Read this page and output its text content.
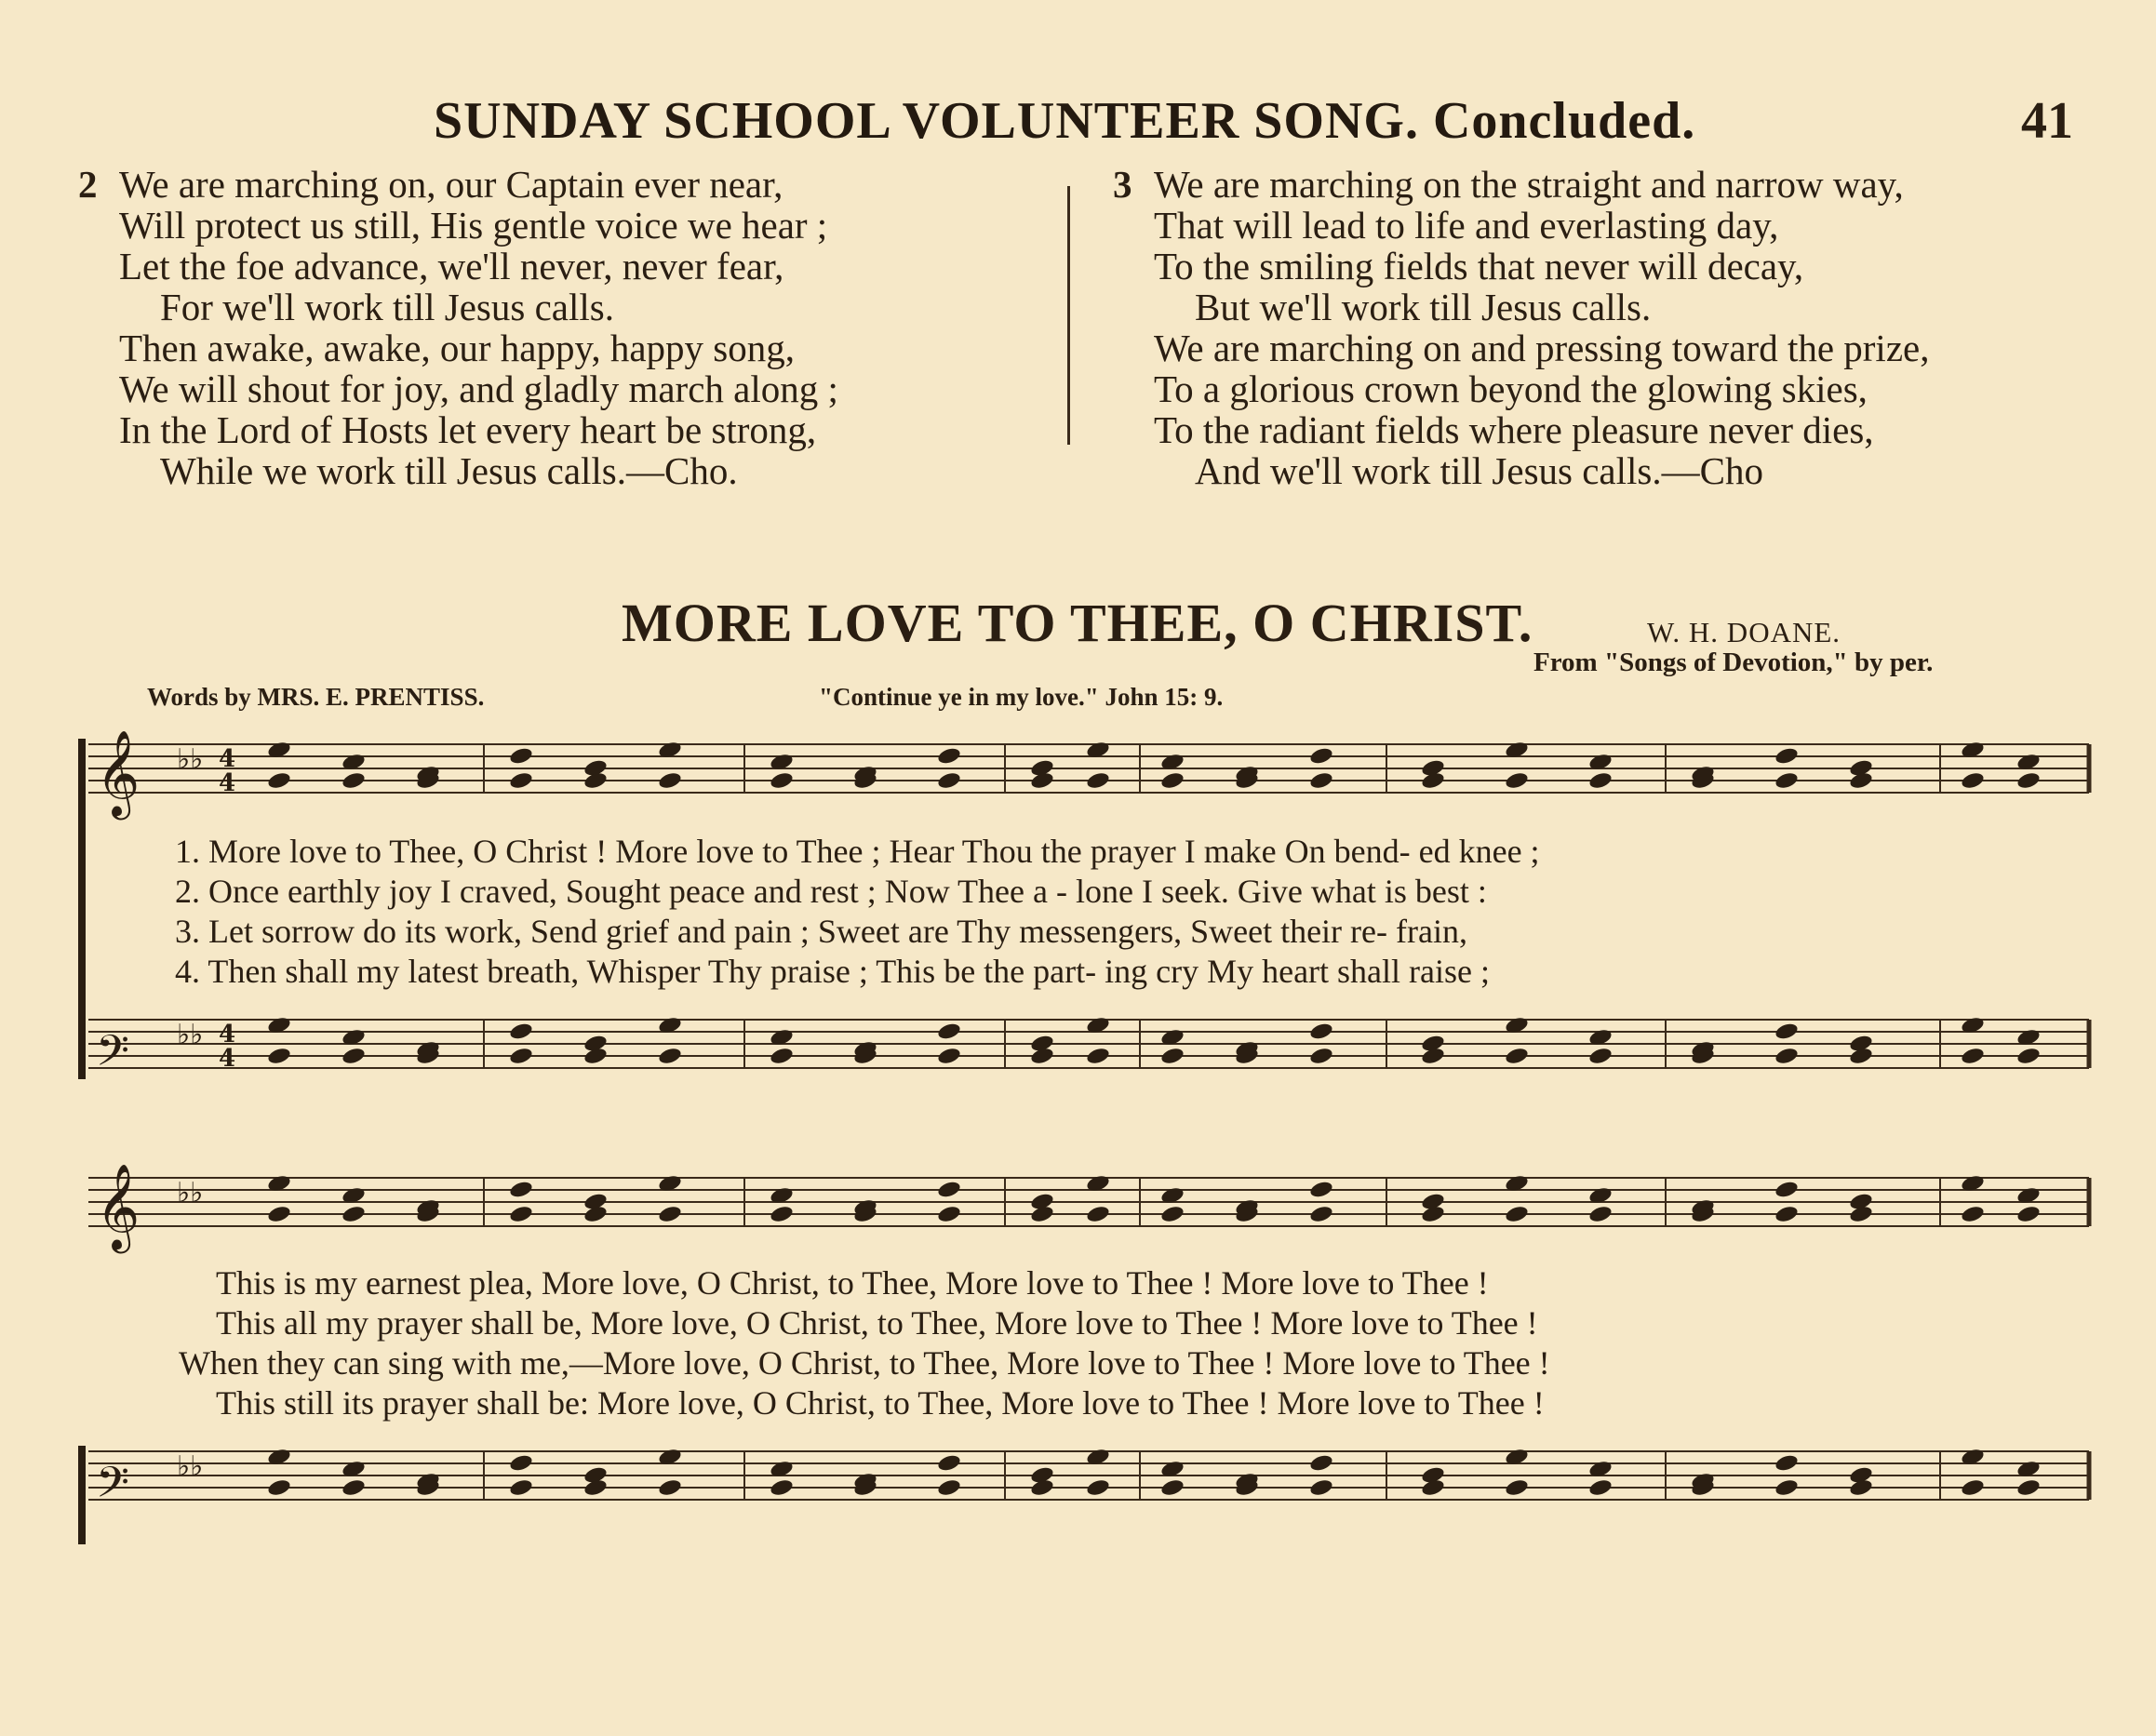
SUNDAY SCHOOL VOLUNTEER SONG. Concluded.	41
2 We are marching on, our Captain ever near,
Will protect us still, His gentle voice we hear ;
Let the foe advance, we'll never, never fear,
For we'll work till Jesus calls.
Then awake, awake, our happy, happy song,
We will shout for joy, and gladly march along ;
In the Lord of Hosts let every heart be strong,
While we work till Jesus calls.—Cho.
3 We are marching on the straight and narrow way,
That will lead to life and everlasting day,
To the smiling fields that never will decay,
But we'll work till Jesus calls.
We are marching on and pressing toward the prize,
To a glorious crown beyond the glowing skies,
To the radiant fields where pleasure never dies,
And we'll work till Jesus calls.—Cho
MORE LOVE TO THEE, O CHRIST.	W. H. DOANE.
From "Songs of Devotion," by per.
Words by MRS. E. PRENTISS.	"Continue ye in my love." John 15: 9.
𝄞 ♭♭ 4
4
𝄢 ♭♭ 4
4
𝄞 ♭♭
𝄢 ♭♭
1. More love to Thee, O Christ ! More love to Thee ; Hear Thou the prayer I make On bend- ed knee ;
2. Once earthly joy I craved, Sought peace and rest ; Now Thee a - lone I seek. Give what is best :
3. Let sorrow do its work, Send grief and pain ; Sweet are Thy messengers, Sweet their re- frain,
4. Then shall my latest breath, Whisper Thy praise ; This be the part- ing cry My heart shall raise ;
This is my earnest plea, More love, O Christ, to Thee, More love to Thee ! More love to Thee !
This all my prayer shall be, More love, O Christ, to Thee, More love to Thee ! More love to Thee !
When they can sing with me,—More love, O Christ, to Thee, More love to Thee ! More love to Thee !
This still its prayer shall be: More love, O Christ, to Thee, More love to Thee ! More love to Thee !
